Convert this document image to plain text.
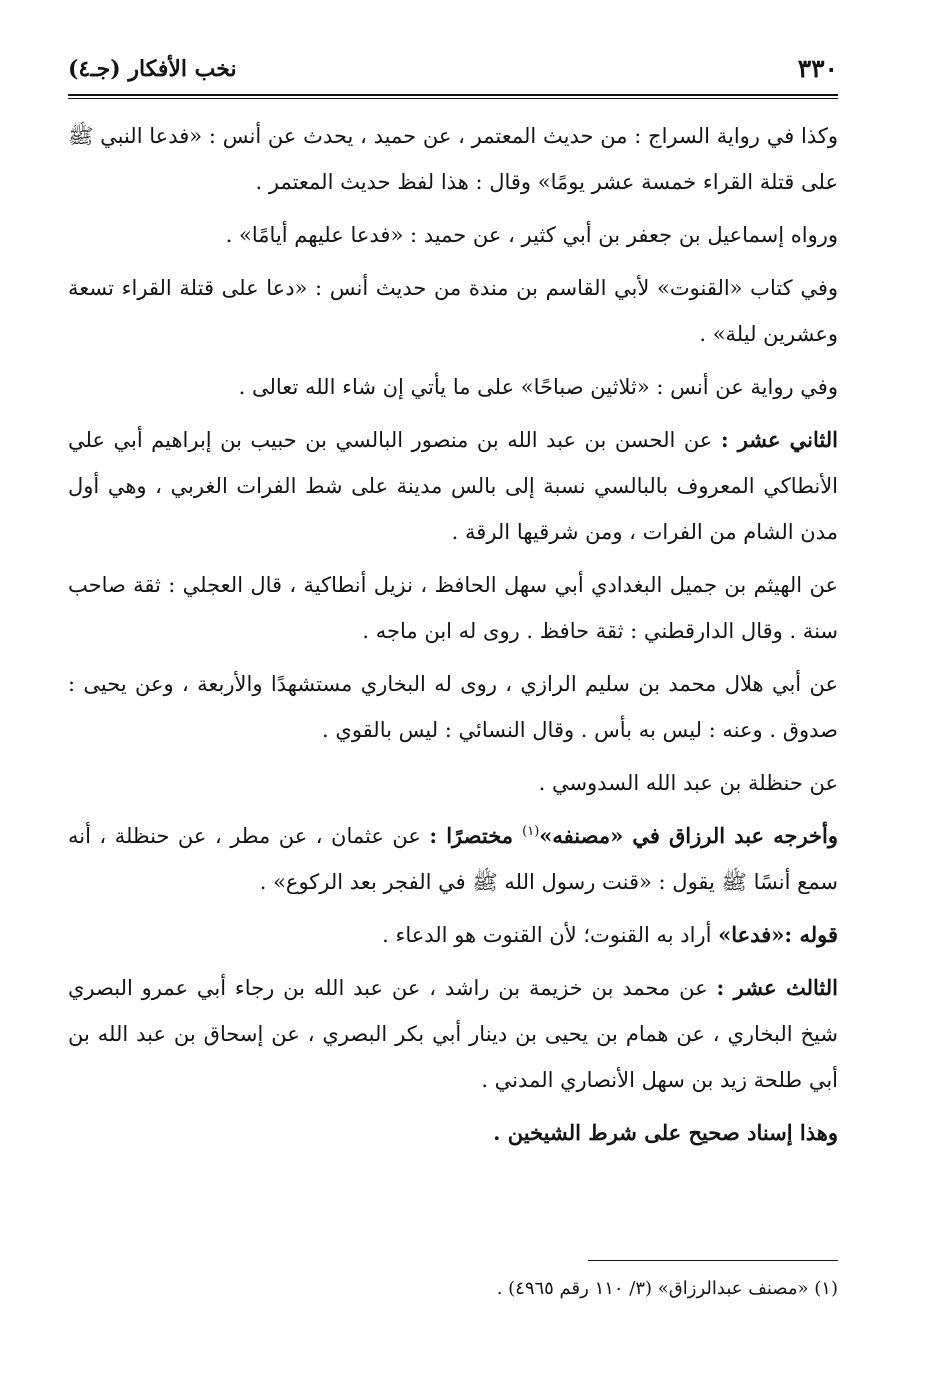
٣٣٠
نخب الأفكار (جـ٤)

وكذا في رواية السراج : من حديث المعتمر ، عن حميد ، يحدث عن أنس : «فدعا النبي ﷺ على قتلة القراء خمسة عشر يومًا» وقال : هذا لفظ حديث المعتمر .

ورواه إسماعيل بن جعفر بن أبي كثير ، عن حميد : «فدعا عليهم أيامًا» .

وفي كتاب «القنوت» لأبي القاسم بن مندة من حديث أنس : «دعا على قتلة القراء تسعة وعشرين ليلة» .

وفي رواية عن أنس : «ثلاثين صباحًا» على ما يأتي إن شاء الله تعالى .

الثاني عشر : عن الحسن بن عبد الله بن منصور البالسي بن حبيب بن إبراهيم أبي علي الأنطاكي المعروف بالبالسي نسبة إلى بالس مدينة على شط الفرات الغربي ، وهي أول مدن الشام من الفرات ، ومن شرقيها الرقة .

عن الهيثم بن جميل البغدادي أبي سهل الحافظ ، نزيل أنطاكية ، قال العجلي : ثقة صاحب سنة . وقال الدارقطني : ثقة حافظ . روى له ابن ماجه .

عن أبي هلال محمد بن سليم الرازي ، روى له البخاري مستشهدًا والأربعة ، وعن يحيى : صدوق . وعنه : ليس به بأس . وقال النسائي : ليس بالقوي .

عن حنظلة بن عبد الله السدوسي .

وأخرجه عبد الرزاق في «مصنفه»$^{(١)}$ مختصرًا : عن عثمان ، عن مطر ، عن حنظلة ، أنه سمع أنسًا ﷺ يقول : «قنت رسول الله ﷺ في الفجر بعد الركوع» .

قوله :«فدعا» أراد به القنوت؛ لأن القنوت هو الدعاء .

الثالث عشر : عن محمد بن خزيمة بن راشد ، عن عبد الله بن رجاء أبي عمرو البصري شيخ البخاري ، عن همام بن يحيى بن دينار أبي بكر البصري ، عن إسحاق بن عبد الله بن أبي طلحة زيد بن سهل الأنصاري المدني .

وهذا إسناد صحيح على شرط الشيخين .

(١) «مصنف عبدالرزاق» (٣/ ١١٠ رقم ٤٩٦٥) .
